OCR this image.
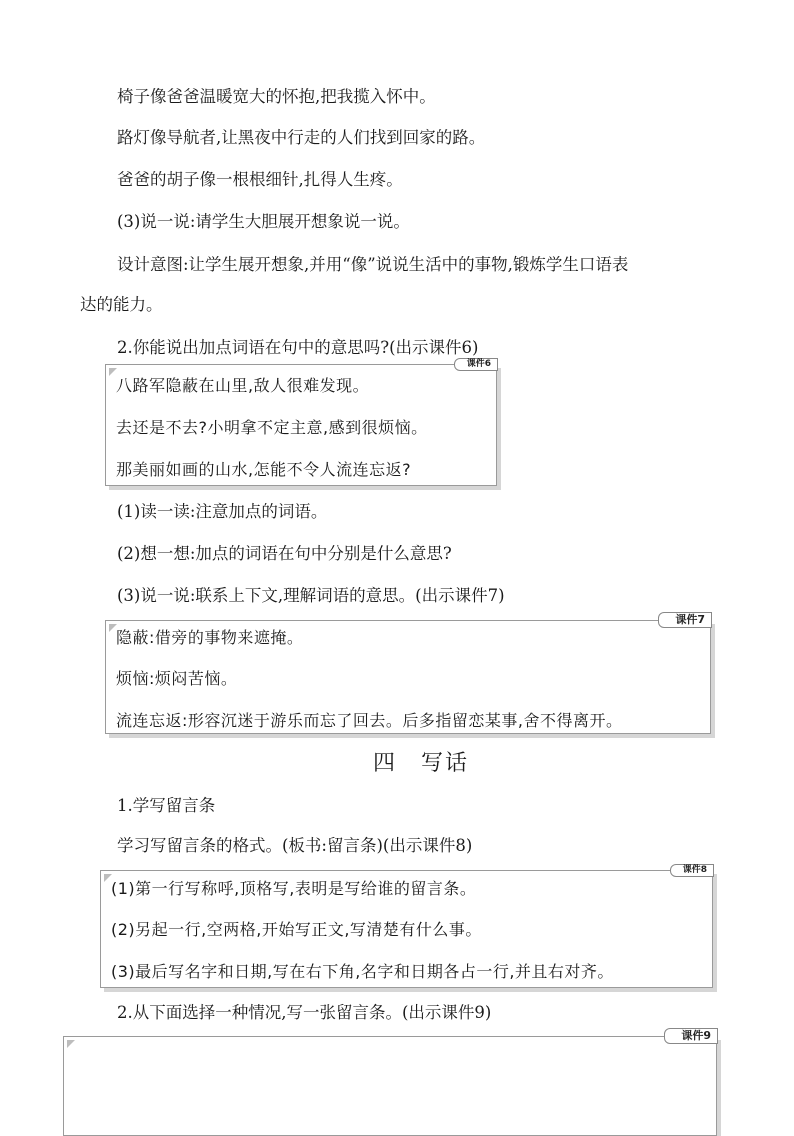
椅子像爸爸温暖宽大的怀抱,把我揽入怀中。
路灯像导航者,让黑夜中行走的人们找到回家的路。
爸爸的胡子像一根根细针,扎得人生疼。
(3)说一说:请学生大胆展开想象说一说。
设计意图:让学生展开想象,并用“像”说说生活中的事物,锻炼学生口语表
达的能力。
2.你能说出加点词语在句中的意思吗?(出示课件6)
课件6
八路军隐蔽在山里,敌人很难发现。
去还是不去?小明拿不定主意,感到很烦恼。
那美丽如画的山水,怎能不令人流连忘返?
(1)读一读:注意加点的词语。
(2)想一想:加点的词语在句中分别是什么意思?
(3)说一说:联系上下文,理解词语的意思。(出示课件7)
课件7
隐蔽:借旁的事物来遮掩。
烦恼:烦闷苦恼。
流连忘返:形容沉迷于游乐而忘了回去。后多指留恋某事,舍不得离开。
四　写话
1.学写留言条
学习写留言条的格式。(板书:留言条)(出示课件8)
课件8
(1)第一行写称呼,顶格写,表明是写给谁的留言条。
(2)另起一行,空两格,开始写正文,写清楚有什么事。
(3)最后写名字和日期,写在右下角,名字和日期各占一行,并且右对齐。
2.从下面选择一种情况,写一张留言条。(出示课件9)
课件9
